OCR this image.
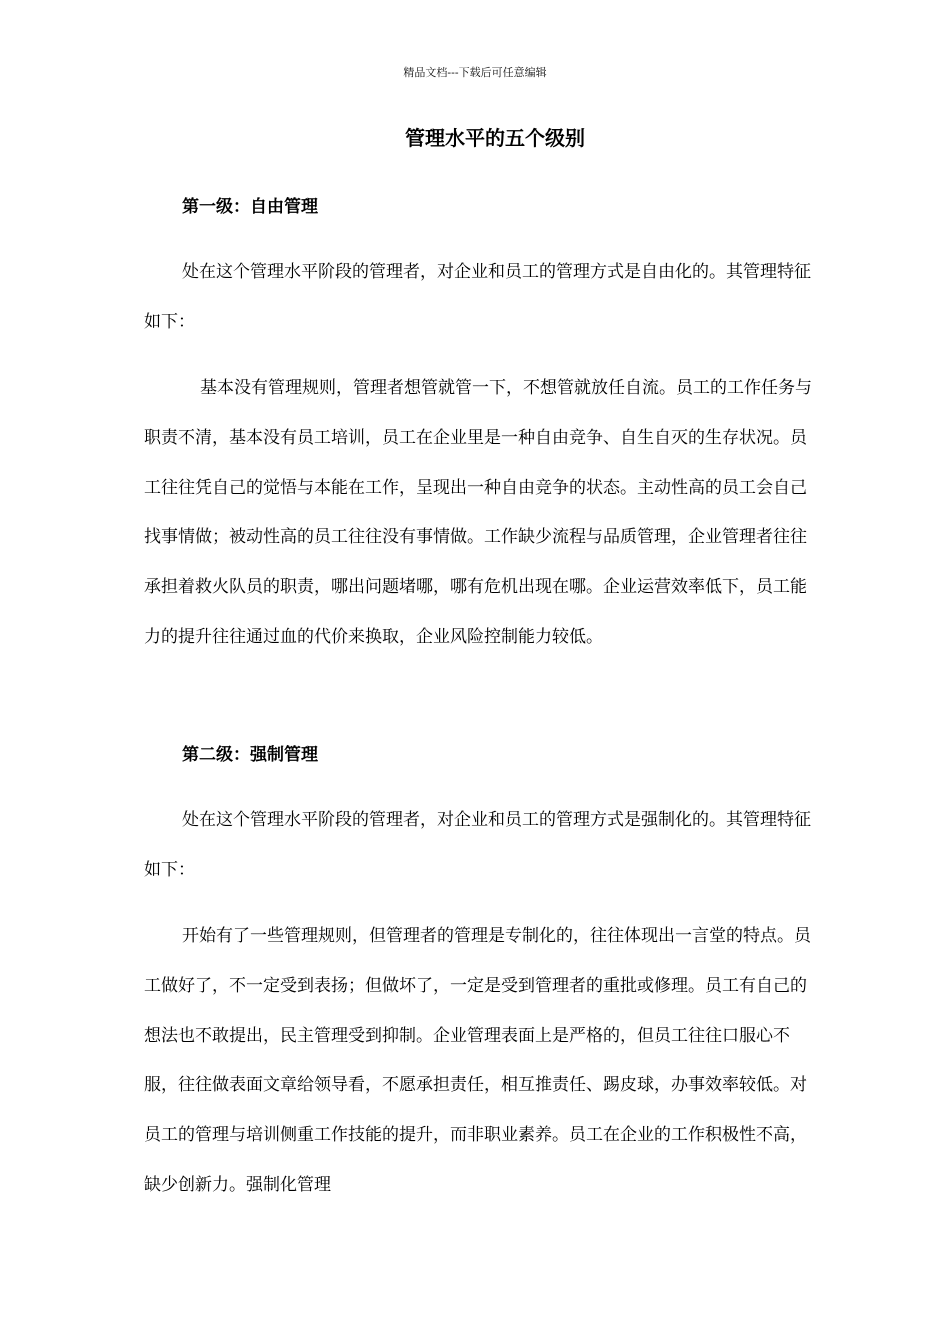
精品文档---下载后可任意编辑
管理水平的五个级别
第一级：自由管理

处在这个管理水平阶段的管理者，对企业和员工的管理方式是自由化的。其管理特征如下：

基本没有管理规则，管理者想管就管一下，不想管就放任自流。员工的工作任务与职责不清，基本没有员工培训，员工在企业里是一种自由竞争、自生自灭的生存状况。员工往往凭自己的觉悟与本能在工作，呈现出一种自由竞争的状态。主动性高的员工会自己找事情做；被动性高的员工往往没有事情做。工作缺少流程与品质管理，企业管理者往往承担着救火队员的职责，哪出问题堵哪，哪有危机出现在哪。企业运营效率低下，员工能力的提升往往通过血的代价来换取，企业风险控制能力较低。

第二级：强制管理

处在这个管理水平阶段的管理者，对企业和员工的管理方式是强制化的。其管理特征如下：

开始有了一些管理规则，但管理者的管理是专制化的，往往体现出一言堂的特点。员工做好了，不一定受到表扬；但做坏了，一定是受到管理者的重批或修理。员工有自己的想法也不敢提出，民主管理受到抑制。企业管理表面上是严格的，但员工往往口服心不服，往往做表面文章给领导看，不愿承担责任，相互推责任、踢皮球，办事效率较低。对员工的管理与培训侧重工作技能的提升，而非职业素养。员工在企业的工作积极性不高，缺少创新力。强制化管理
